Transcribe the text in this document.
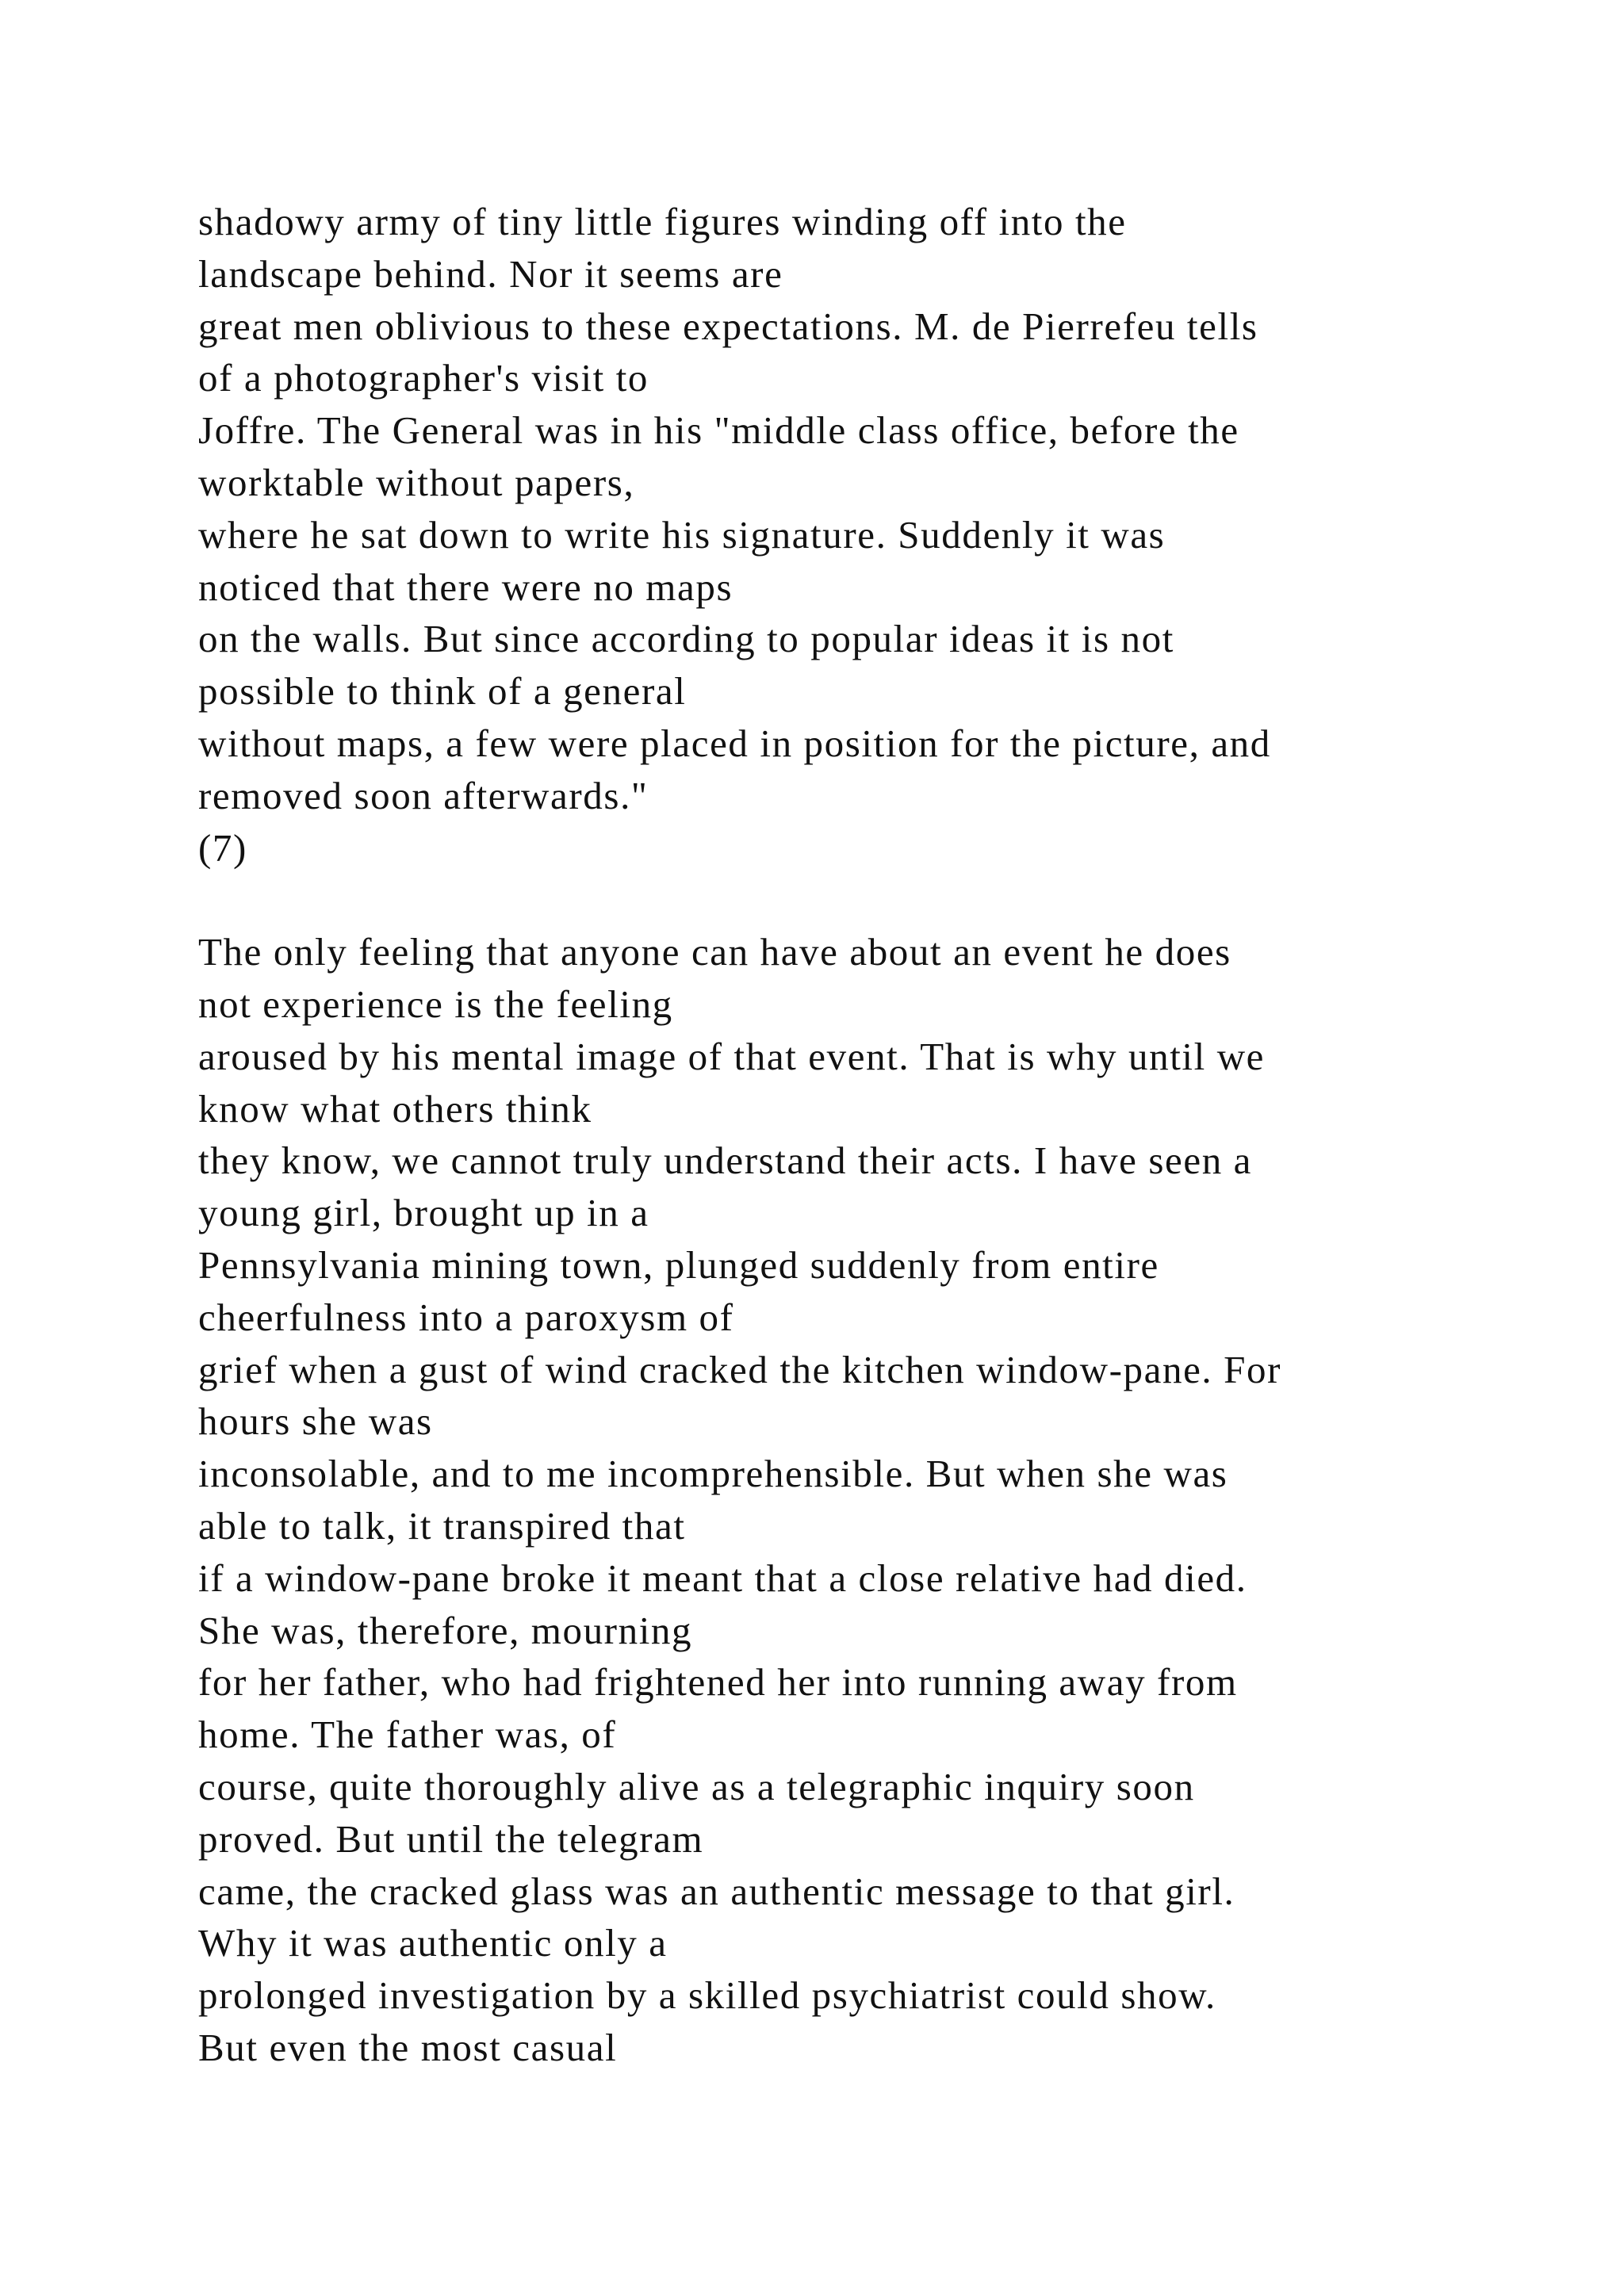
shadowy army of tiny little figures winding off into the
landscape behind. Nor it seems are
great men oblivious to these expectations. M. de Pierrefeu tells
of a photographer's visit to
Joffre. The General was in his "middle class office, before the
worktable without papers,
where he sat down to write his signature. Suddenly it was
noticed that there were no maps
on the walls. But since according to popular ideas it is not
possible to think of a general
without maps, a few were placed in position for the picture, and
removed soon afterwards."
(7)
The only feeling that anyone can have about an event he does
not experience is the feeling
aroused by his mental image of that event. That is why until we
know what others think
they know, we cannot truly understand their acts. I have seen a
young girl, brought up in a
Pennsylvania mining town, plunged suddenly from entire
cheerfulness into a paroxysm of
grief when a gust of wind cracked the kitchen window-pane. For
hours she was
inconsolable, and to me incomprehensible. But when she was
able to talk, it transpired that
if a window-pane broke it meant that a close relative had died.
She was, therefore, mourning
for her father, who had frightened her into running away from
home. The father was, of
course, quite thoroughly alive as a telegraphic inquiry soon
proved. But until the telegram
came, the cracked glass was an authentic message to that girl.
Why it was authentic only a
prolonged investigation by a skilled psychiatrist could show.
But even the most casual
